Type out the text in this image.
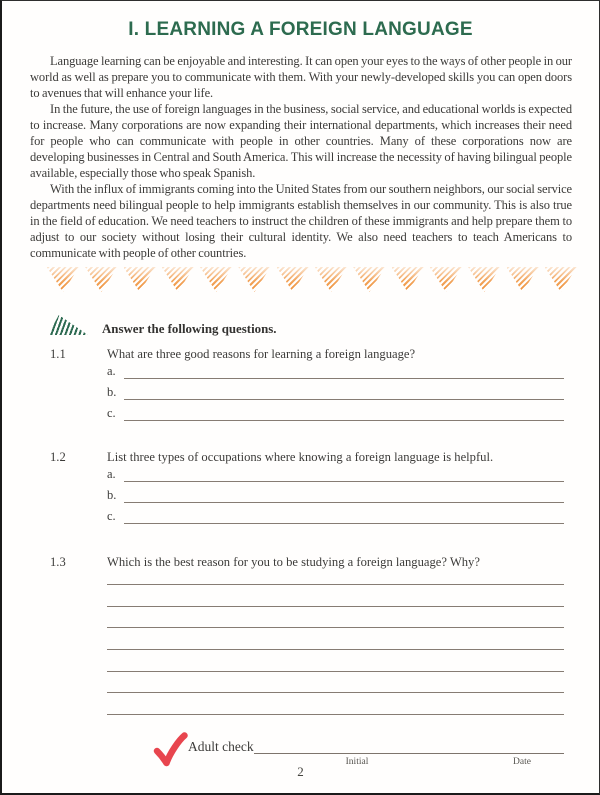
I. LEARNING A FOREIGN LANGUAGE

Language learning can be enjoyable and interesting. It can open your eyes to the ways of other people in our world as well as prepare you to communicate with them. With your newly-developed skills you can open doors to avenues that will enhance your life.

In the future, the use of foreign languages in the business, social service, and educational worlds is expected to increase. Many corporations are now expanding their international departments, which increases their need for people who can communicate with people in other countries. Many of these corporations now are developing businesses in Central and South America. This will increase the necessity of having bilingual people available, especially those who speak Spanish.

With the influx of immigrants coming into the United States from our southern neighbors, our social service departments need bilingual people to help immigrants establish themselves in our community. This is also true in the field of education. We need teachers to instruct the children of these immigrants and help prepare them to adjust to our society without losing their cultural identity. We also need teachers to teach Americans to communicate with people of other countries.

Answer the following questions.
1.1	What are three good reasons for learning a foreign language?
a.
b.
c.
1.2	List three types of occupations where knowing a foreign language is helpful.
a.
b.
c.
1.3	Which is the best reason for you to be studying a foreign language? Why?
Adult check
Initial	Date
2
